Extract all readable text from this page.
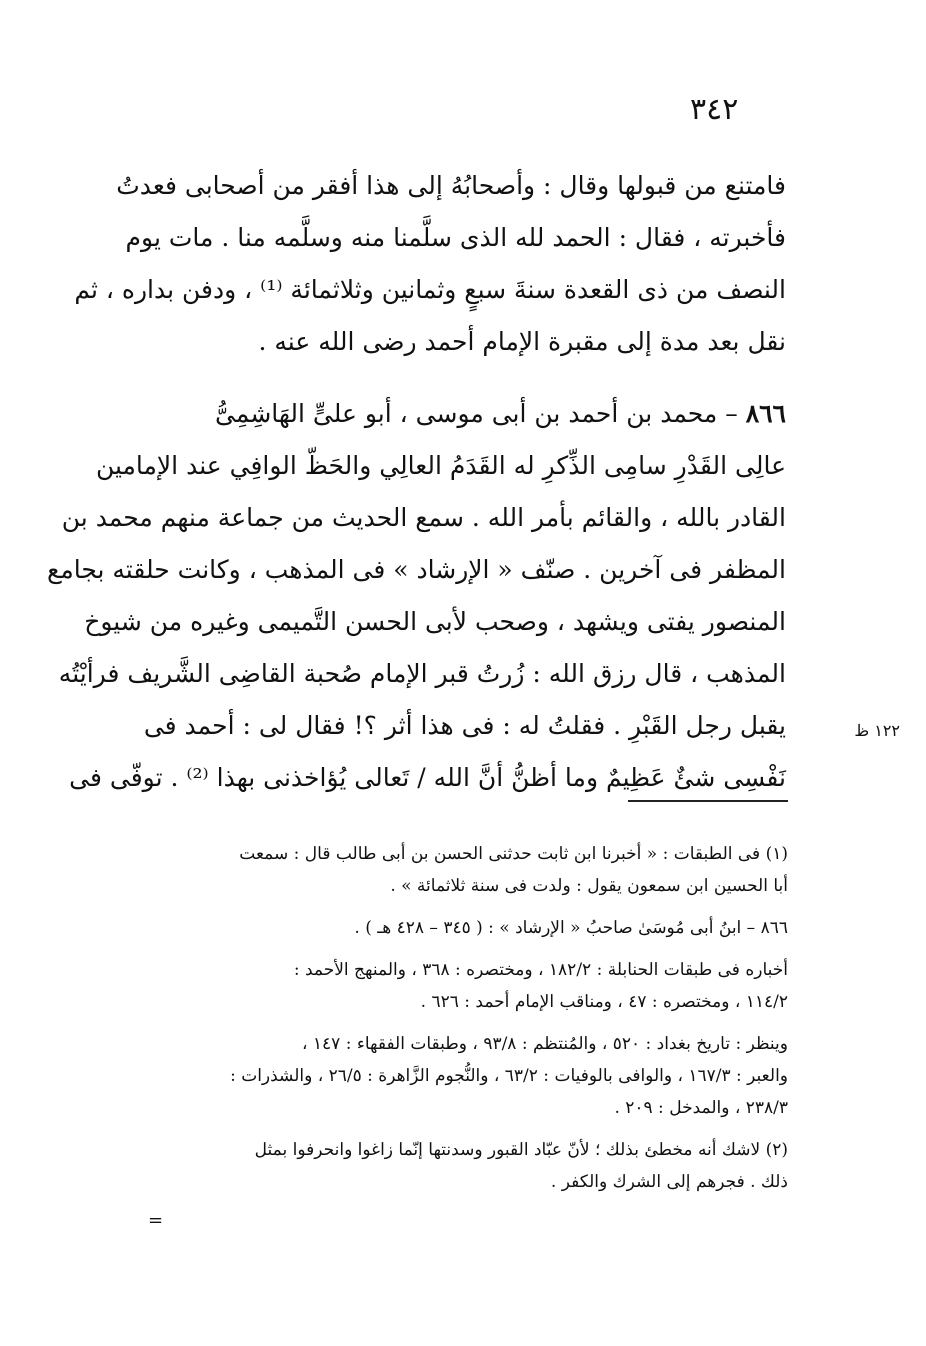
٣٤٢
فامتنع من قبولها وقال : وأصحابُهُ إلى هذا أفقر من أصحابى فعدتُ
فأخبرته ، فقال : الحمد لله الذى سلَّمنا منه وسلَّمه منا . مات يوم
النصف من ذى القعدة سنةَ سبعٍ وثمانين وثلاثمائة ⁽¹⁾ ، ودفن بداره ، ثم
نقل بعد مدة إلى مقبرة الإمام أحمد رضى الله عنه .
٨٦٦ – محمد بن أحمد بن أبى موسى ، أبو علىٍّ الهَاشِمِىُّ
عالِى القَدْرِ سامِى الذِّكرِ له القَدَمُ العالِي والحَظّ الوافِي عند الإمامين
القادر بالله ، والقائم بأمر الله . سمع الحديث من جماعة منهم محمد بن
المظفر فى آخرين . صنّف « الإرشاد » فى المذهب ، وكانت حلقته بجامع
المنصور يفتى ويشهد ، وصحب لأبى الحسن التَّميمى وغيره من شيوخ
المذهب ، قال رزق الله : زُرتُ قبر الإمام صُحبة القاضِى الشَّريف فرأيْتُه
يقبل رجل القَبْرِ . فقلتُ له : فى هذا أثر ؟! فقال لى : أحمد فى
نَفْسِى شئٌ عَظِيمٌ وما أظنُّ أنَّ الله / تَعالى يُؤاخذنى بهذا ⁽²⁾ . توفّى فى
١٢٢ ظ
(١) فى الطبقات : « أخبرنا ابن ثابت حدثنى الحسن بن أبى طالب قال : سمعت
أبا الحسين ابن سمعون يقول : ولدت فى سنة ثلاثمائة » .
٨٦٦ – ابنُ أبى مُوسَىٰ صاحبُ « الإرشاد » : ( ٣٤٥ – ٤٢٨ هـ ) .
أخباره فى طبقات الحنابلة : ١٨٢/٢ ، ومختصره : ٣٦٨ ، والمنهج الأحمد :
١١٤/٢ ، ومختصره : ٤٧ ، ومناقب الإمام أحمد : ٦٢٦ .
وينظر : تاريخ بغداد : ٥٢٠ ، والمُنتظم : ٩٣/٨ ، وطبقات الفقهاء : ١٤٧ ،
والعبر : ١٦٧/٣ ، والوافى بالوفيات : ٦٣/٢ ، والنُّجوم الزَّاهرة : ٢٦/٥ ، والشذرات :
٢٣٨/٣ ، والمدخل : ٢٠٩ .
(٢) لاشك أنه مخطئ بذلك ؛ لأنّ عبّاد القبور وسدنتها إنّما زاغوا وانحرفوا بمثل
ذلك . فجرهم إلى الشرك والكفر .
=
